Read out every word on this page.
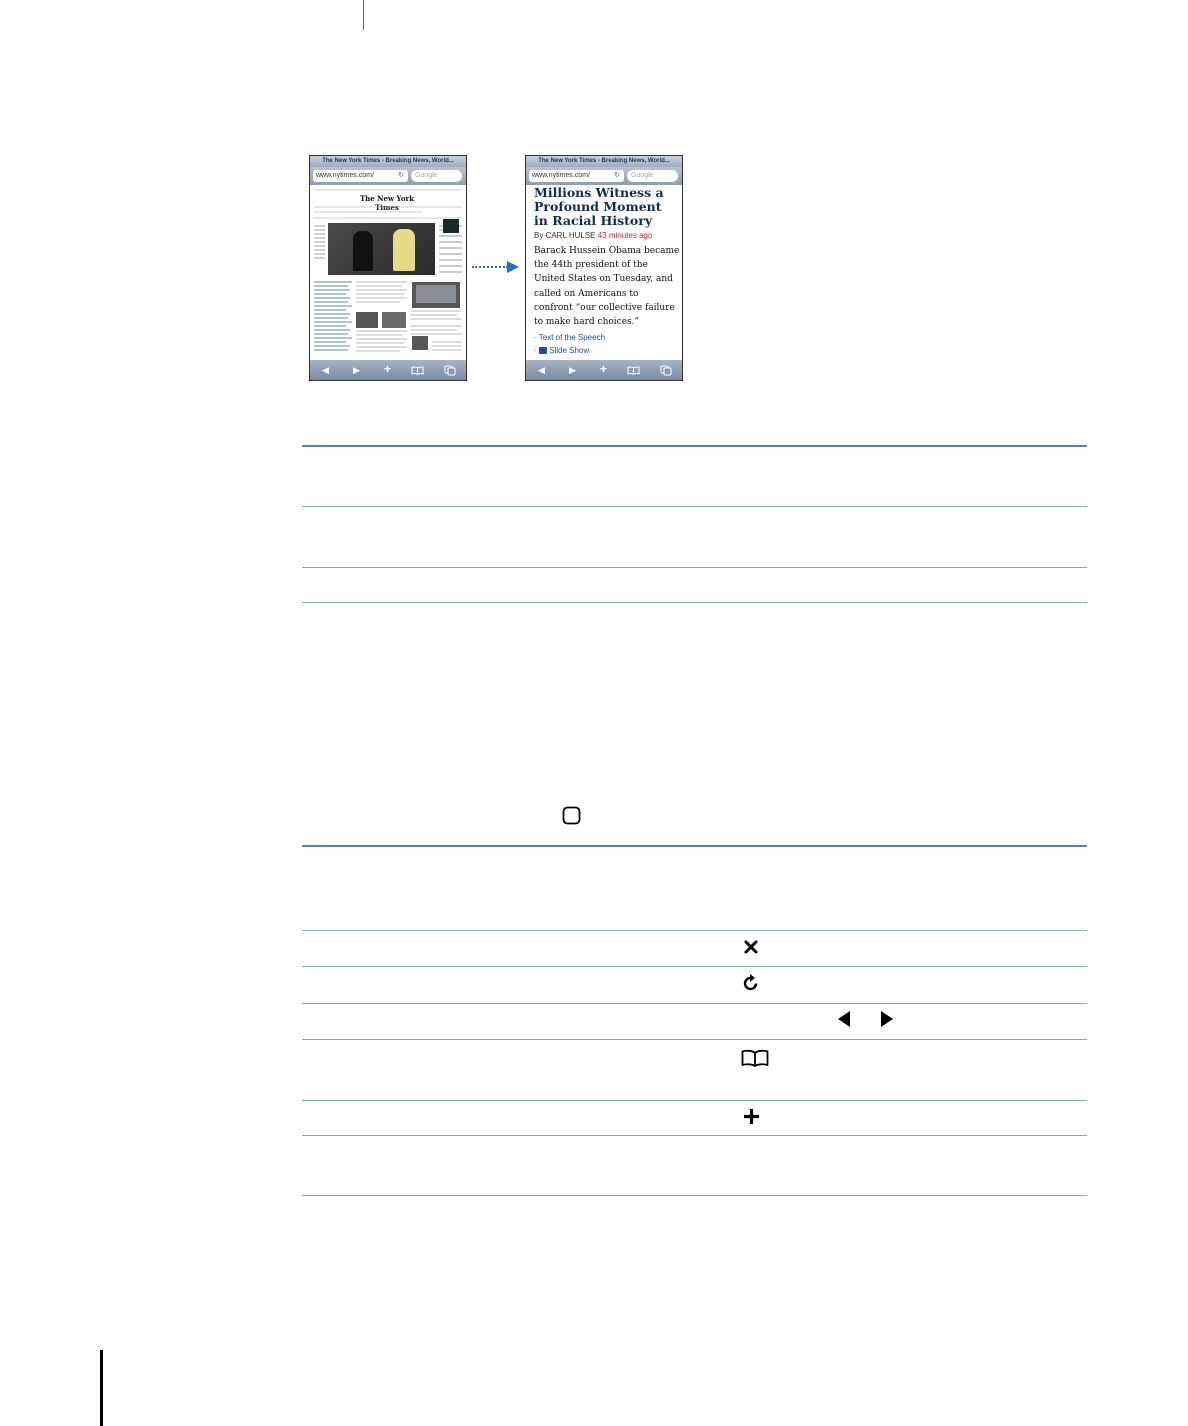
The New York Times - Breaking News, World...
www.nytimes.com/	↻	Google
The New York Times
◀	▶ +
The New York Times - Breaking News, World...
www.nytimes.com/	↻	Google

Millions Witness a Profound Moment in Racial History

By CARL HULSE 43 minutes ago

Barack Hussein Obama became the 44th president of the United States on Tuesday, and called on Americans to confront “our collective failure to make hard choices.”

· Text of the Speech
·  Slide Show
◀	▶ +
